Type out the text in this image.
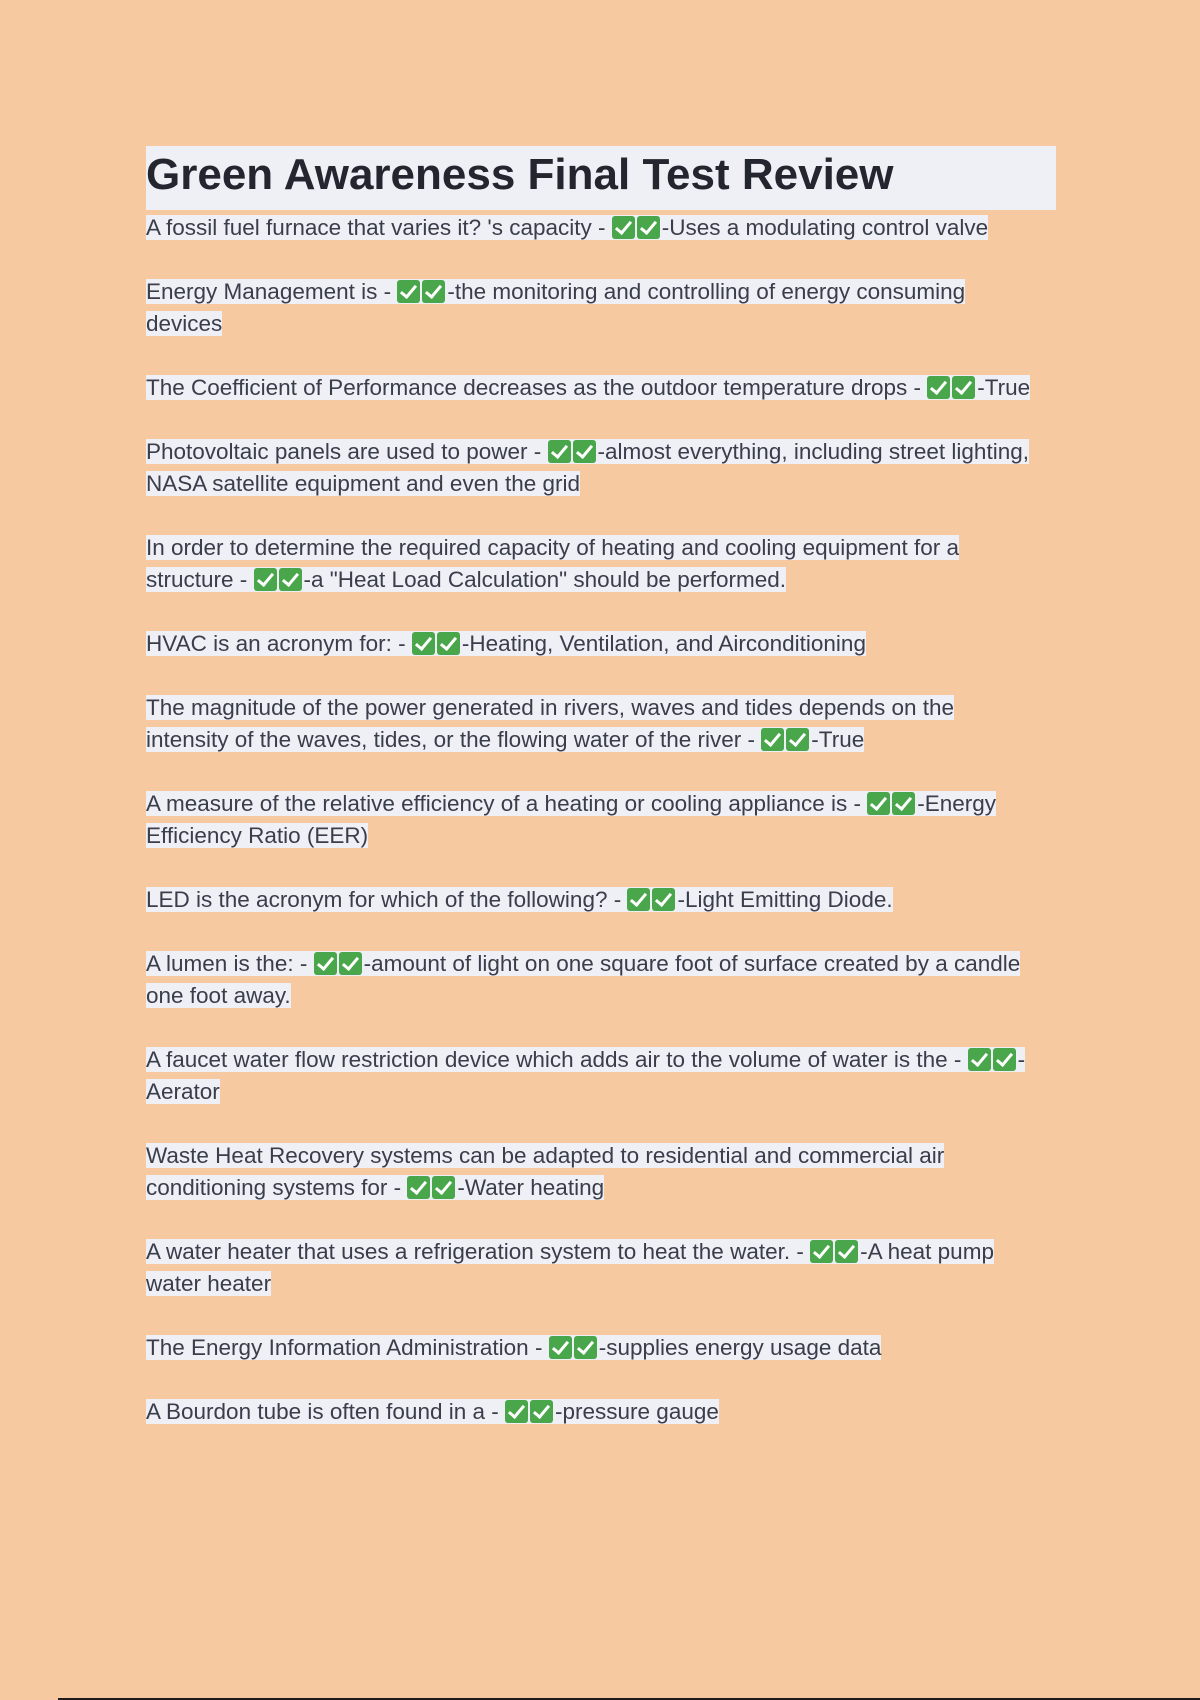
Green Awareness Final Test Review

A fossil fuel furnace that varies it? 's capacity - -Uses a modulating control valve

Energy Management is - -the monitoring and controlling of energy consuming devices

The Coefficient of Performance decreases as the outdoor temperature drops - -True

Photovoltaic panels are used to power - -almost everything, including street lighting, NASA satellite equipment and even the grid

In order to determine the required capacity of heating and cooling equipment for a structure - -a "Heat Load Calculation" should be performed.

HVAC is an acronym for: - -Heating, Ventilation, and Airconditioning

The magnitude of the power generated in rivers, waves and tides depends on the intensity of the waves, tides, or the flowing water of the river - -True

A measure of the relative efficiency of a heating or cooling appliance is - -Energy Efficiency Ratio (EER)

LED is the acronym for which of the following? - -Light Emitting Diode.

A lumen is the: - -amount of light on one square foot of surface created by a candle one foot away.

A faucet water flow restriction device which adds air to the volume of water is the - -Aerator

Waste Heat Recovery systems can be adapted to residential and commercial air conditioning systems for - -Water heating

A water heater that uses a refrigeration system to heat the water. - -A heat pump water heater

The Energy Information Administration - -supplies energy usage data

A Bourdon tube is often found in a - -pressure gauge
